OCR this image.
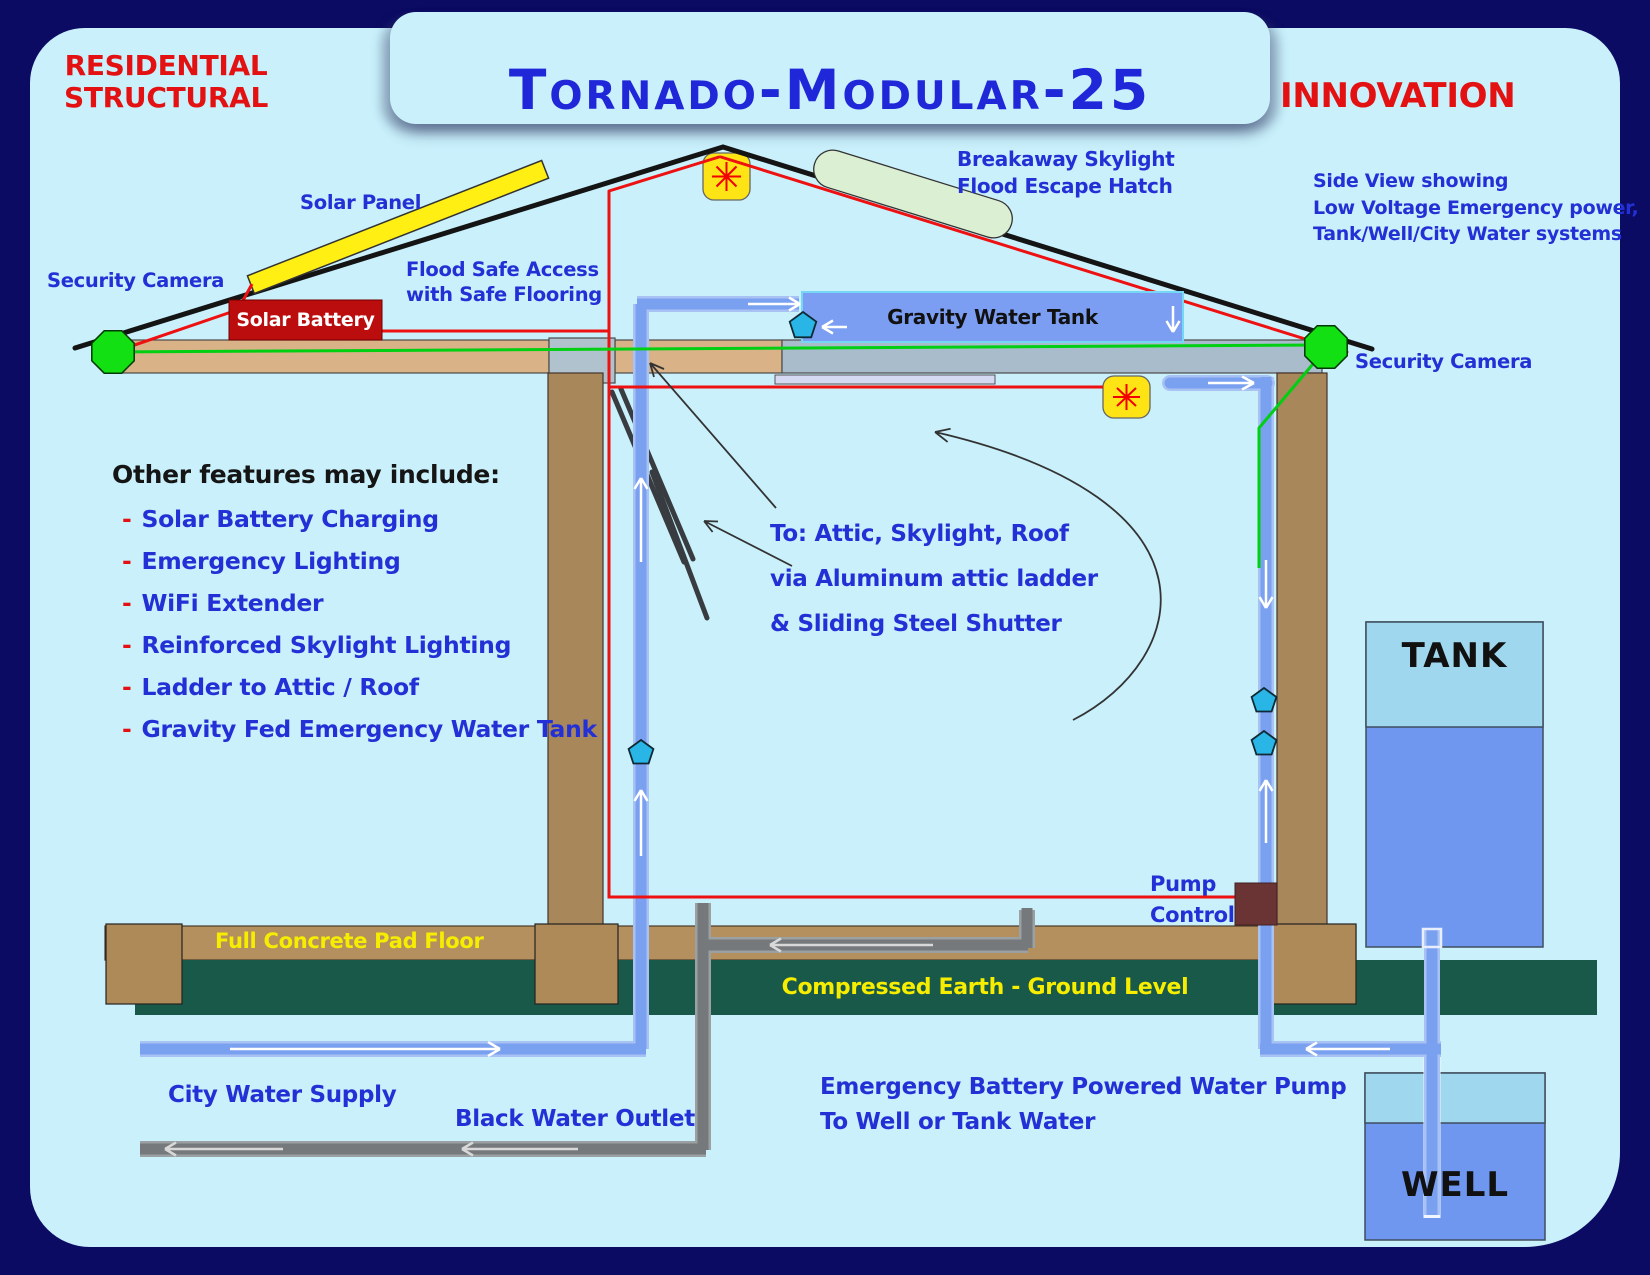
RESIDENTIAL
STRUCTURAL	Tornado-Modular-25	INNOVATION
Side View showing
Low Voltage Emergency power,
Tank/Well/City Water systems
Solar Panel
Security Camera
Security Camera
Flood Safe Access
with Safe Flooring
Breakaway Skylight
Flood Escape Hatch
Solar Battery	Gravity Water Tank
To: Attic, Skylight, Roof
via Aluminum attic ladder
& Sliding Steel Shutter
Other features may include:
- Solar Battery Charging
- Emergency Lighting
- WiFi Extender
- Reinforced Skylight Lighting
- Ladder to Attic / Roof
- Gravity Fed Emergency Water Tank
Full Concrete Pad Floor
Compressed Earth - Ground Level
Pump
Control
City Water Supply
Black Water Outlet
Emergency Battery Powered Water Pump
To Well or Tank Water
TANK
WELL
